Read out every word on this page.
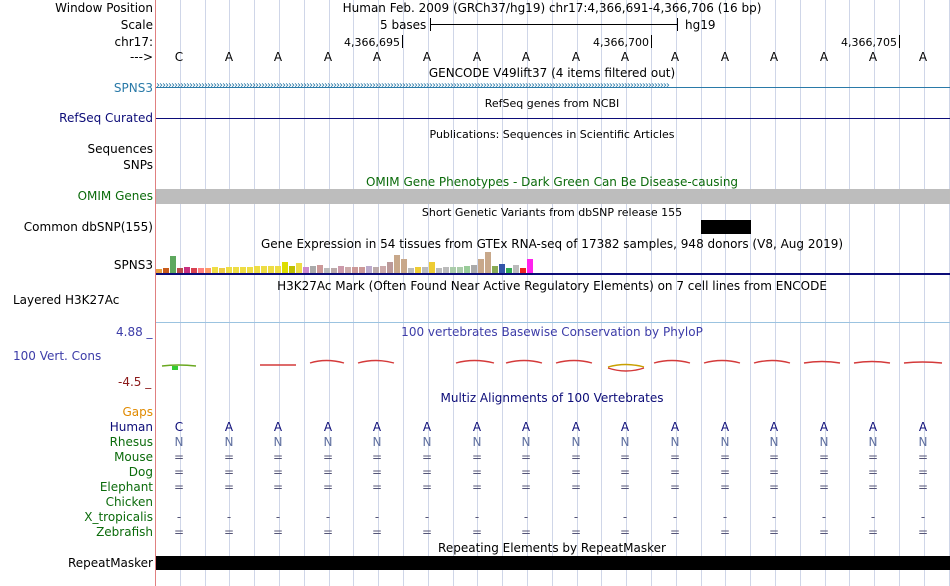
Window Position	Human Feb. 2009 (GRCh37/hg19) chr17:4,366,691-4,366,706 (16 bp)
Scale	5 bases	hg19
chr17:	4,366,695	4,366,700	4,366,705
--->	C	A	A	A	A	A	A	A	A	A	A	A	A	A	A	A
GENCODE V49lift37 (4 items filtered out)
SPNS3 ›››››››››››››››››››››››››››››››››››››››››››››››››››››››››››››››››››››››››››››››››››››››››››››››››››››››››››››››››››››››››››››››››››››››››››››››››››››››››››››››››››››››››››
RefSeq genes from NCBI
RefSeq Curated
Publications: Sequences in Scientific Articles
Sequences
SNPs
OMIM Gene Phenotypes - Dark Green Can Be Disease-causing
OMIM Genes
Short Genetic Variants from dbSNP release 155
Common dbSNP(155)
Gene Expression in 54 tissues from GTEx RNA-seq of 17382 samples, 948 donors (V8, Aug 2019)
SPNS3
H3K27Ac Mark (Often Found Near Active Regulatory Elements) on 7 cell lines from ENCODE
Layered H3K27Ac
4.88 _	100 vertebrates Basewise Conservation by PhyloP
100 Vert. Cons
-4.5 _
Gaps
Multiz Alignments of 100 Vertebrates
Human	C	A	A	A	A	A	A	A	A	A	A	A	A	A	A	A
Rhesus	N	N	N	N	N	N	N	N	N	N	N	N	N	N	N	N
Mouse	=	=	=	=	=	=	=	=	=	=	=	=	=	=	=	=
Dog	=	=	=	=	=	=	=	=	=	=	=	=	=	=	=	=
Elephant	=	=	=	=	=	=	=	=	=	=	=	=	=	=	=	=
Chicken
X_tropicalis	-	-	-	-	-	-	-	-	-	-	-	-	-	-	-	-
Zebrafish	=	=	=	=	=	=	=	=	=	=	=	=	=	=	=	=
Repeating Elements by RepeatMasker
RepeatMasker
